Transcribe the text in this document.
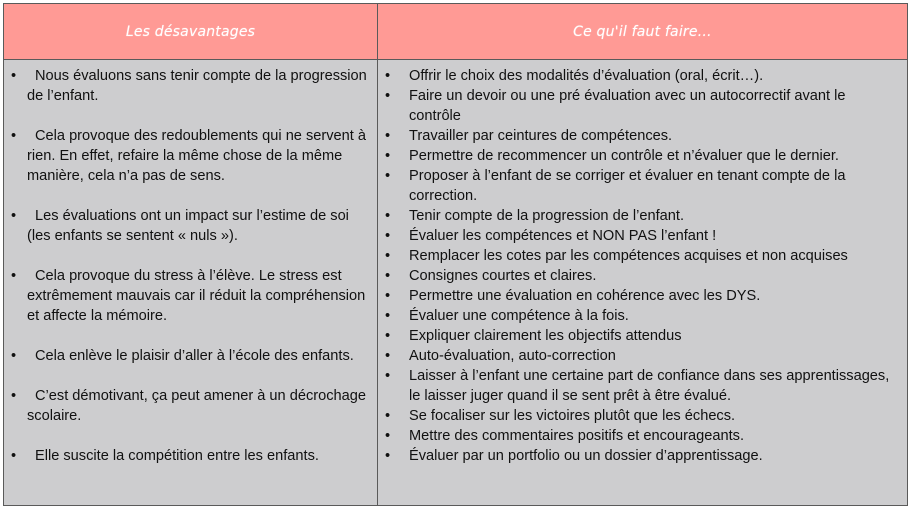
Les désavantages	Ce qu'il faut faire…
• Nous évaluons sans tenir compte de la progression de l’enfant.
• Cela provoque des redoublements qui ne servent à rien. En effet, refaire la même chose de la même manière, cela n’a pas de sens.
• Les évaluations ont un impact sur l’estime de soi (les enfants se sentent « nuls »).
• Cela provoque du stress à l’élève. Le stress est extrêmement mauvais car il réduit la compréhension et affecte la mémoire.
• Cela enlève le plaisir d’aller à l’école des enfants.
• C’est démotivant, ça peut amener à un décrochage scolaire.
• Elle suscite la compétition entre les enfants.
• Offrir le choix des modalités d’évaluation (oral, écrit…).
• Faire un devoir ou une pré évaluation avec un autocorrectif avant le contrôle
• Travailler par ceintures de compétences.
• Permettre de recommencer un contrôle et n’évaluer que le dernier.
• Proposer à l’enfant de se corriger et évaluer en tenant compte de la correction.
• Tenir compte de la progression de l’enfant.
• Évaluer les compétences et NON PAS l’enfant !
• Remplacer les cotes par les compétences acquises et non acquises
• Consignes courtes et claires.
• Permettre une évaluation en cohérence avec les DYS.
• Évaluer une compétence à la fois.
• Expliquer clairement les objectifs attendus
• Auto-évaluation, auto-correction
• Laisser à l’enfant une certaine part de confiance dans ses apprentissages, le laisser juger quand il se sent prêt à être évalué.
• Se focaliser sur les victoires plutôt que les échecs.
• Mettre des commentaires positifs et encourageants.
• Évaluer par un portfolio ou un dossier d’apprentissage.
